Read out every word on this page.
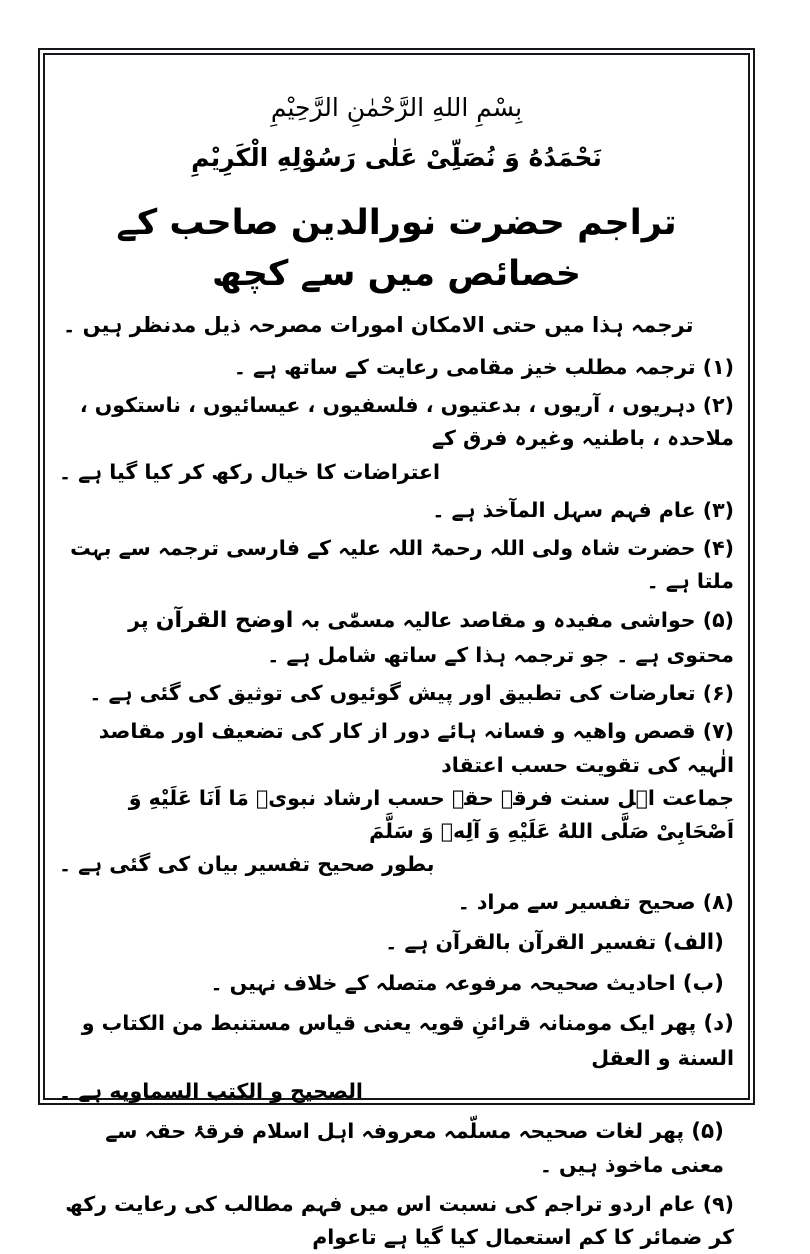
بِسْمِ اللهِ الرَّحْمٰنِ الرَّحِیْمِ
نَحْمَدُهُ وَ نُصَلِّیْ عَلٰی رَسُوْلِهِ الْکَرِیْمِ
تراجم حضرت نورالدین صاحب کے خصائص میں سے کچھ
ترجمہ ہذا میں حتی الامکان امورات مصرحہ ذیل مدنظر ہیں ۔
(۱) ترجمہ مطلب خیز مقامی رعایت کے ساتھ ہے ۔
(۲) دہریوں ، آریوں ، بدعتیوں ، فلسفیوں ، عیسائیوں ، ناستکوں ، ملاحدہ ، باطنیہ وغیرہ فرق کے
اعتراضات کا خیال رکھ کر کیا گیا ہے ۔
(۳) عام فہم سہل المآخذ ہے ۔
(۴) حضرت شاہ ولی اللہ رحمۃ اللہ علیہ کے فارسی ترجمہ سے بہت ملتا ہے ۔
(۵) حواشی مفیدہ و مقاصد عالیہ مسمّٰی بہ اوضح القرآن پر محتوی ہے ۔ جو ترجمہ ہذا کے ساتھ شامل ہے ۔
(۶) تعارضات کی تطبیق اور پیش گوئیوں کی توثیق کی گئی ہے ۔
(۷) قصص واھیہ و فسانہ ہائے دور از کار کی تضعیف اور مقاصد الٰہیہ کی تقویت حسب اعتقاد
جماعت اہل سنت فرقہ حقہ حسب ارشاد نبویؐ مَا اَنَا عَلَیْهِ وَ اَصْحَابِیْ صَلَّی اللهُ عَلَیْهِ وَ آلِهٖ وَ سَلَّمَ
بطور صحیح تفسیر بیان کی گئی ہے ۔
(۸) صحیح تفسیر سے مراد ۔
(الف) تفسیر القرآن بالقرآن ہے ۔
(ب) احادیث صحیحہ مرفوعہ متصلہ کے خلاف نہیں ۔
(د) پھر ایک مومنانہ قرائنِ قویہ یعنی قیاس مستنبط من الکتاب و السنة و العقل
الصحیح و الکتب السماویه ہے ۔
(۵) پھر لغات صحیحہ مسلّمہ معروفہ اہل اسلام فرقۂ حقہ سے معنی ماخوذ ہیں ۔
(۹) عام اردو تراجم کی نسبت اس میں فہم مطالب کی رعایت رکھ کر ضمائر کا کم استعمال کیا گیا ہے تاعوام
